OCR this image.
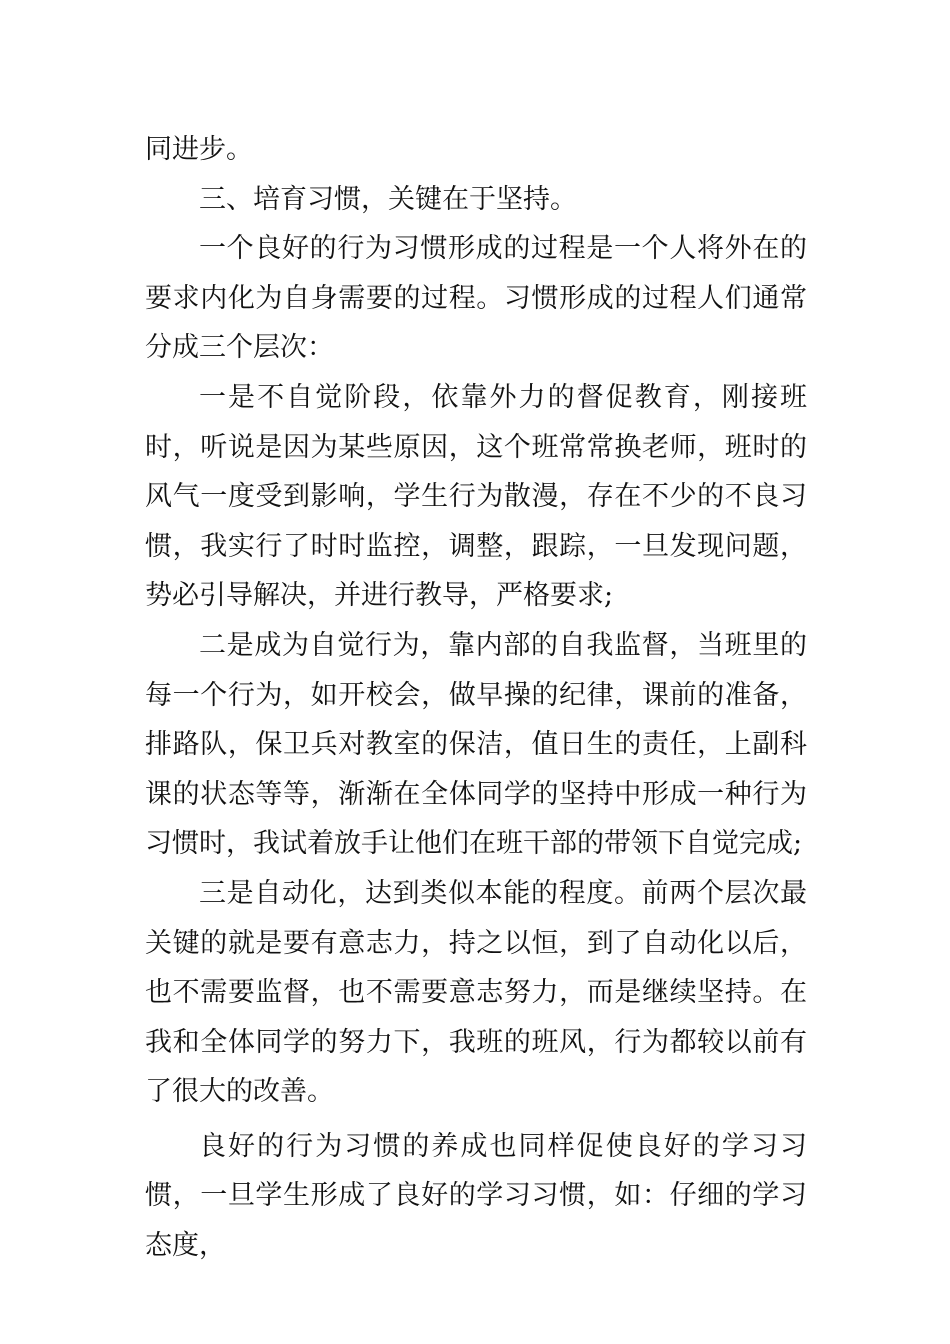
同进步。

三、培育习惯，关键在于坚持。

一个良好的行为习惯形成的过程是一个人将外在的要求内化为自身需要的过程。习惯形成的过程人们通常分成三个层次：

一是不自觉阶段，依靠外力的督促教育，刚接班时，听说是因为某些原因，这个班常常换老师，班时的风气一度受到影响，学生行为散漫，存在不少的不良习惯，我实行了时时监控，调整，跟踪，一旦发现问题，势必引导解决，并进行教导，严格要求;

二是成为自觉行为，靠内部的自我监督，当班里的每一个行为，如开校会，做早操的纪律，课前的准备，排路队，保卫兵对教室的保洁，值日生的责任，上副科课的状态等等，渐渐在全体同学的坚持中形成一种行为习惯时，我试着放手让他们在班干部的带领下自觉完成;

三是自动化，达到类似本能的程度。前两个层次最关键的就是要有意志力，持之以恒，到了自动化以后，也不需要监督，也不需要意志努力，而是继续坚持。在我和全体同学的努力下，我班的班风，行为都较以前有了很大的改善。

良好的行为习惯的养成也同样促使良好的学习习惯，一旦学生形成了良好的学习习惯，如：仔细的学习态度，
